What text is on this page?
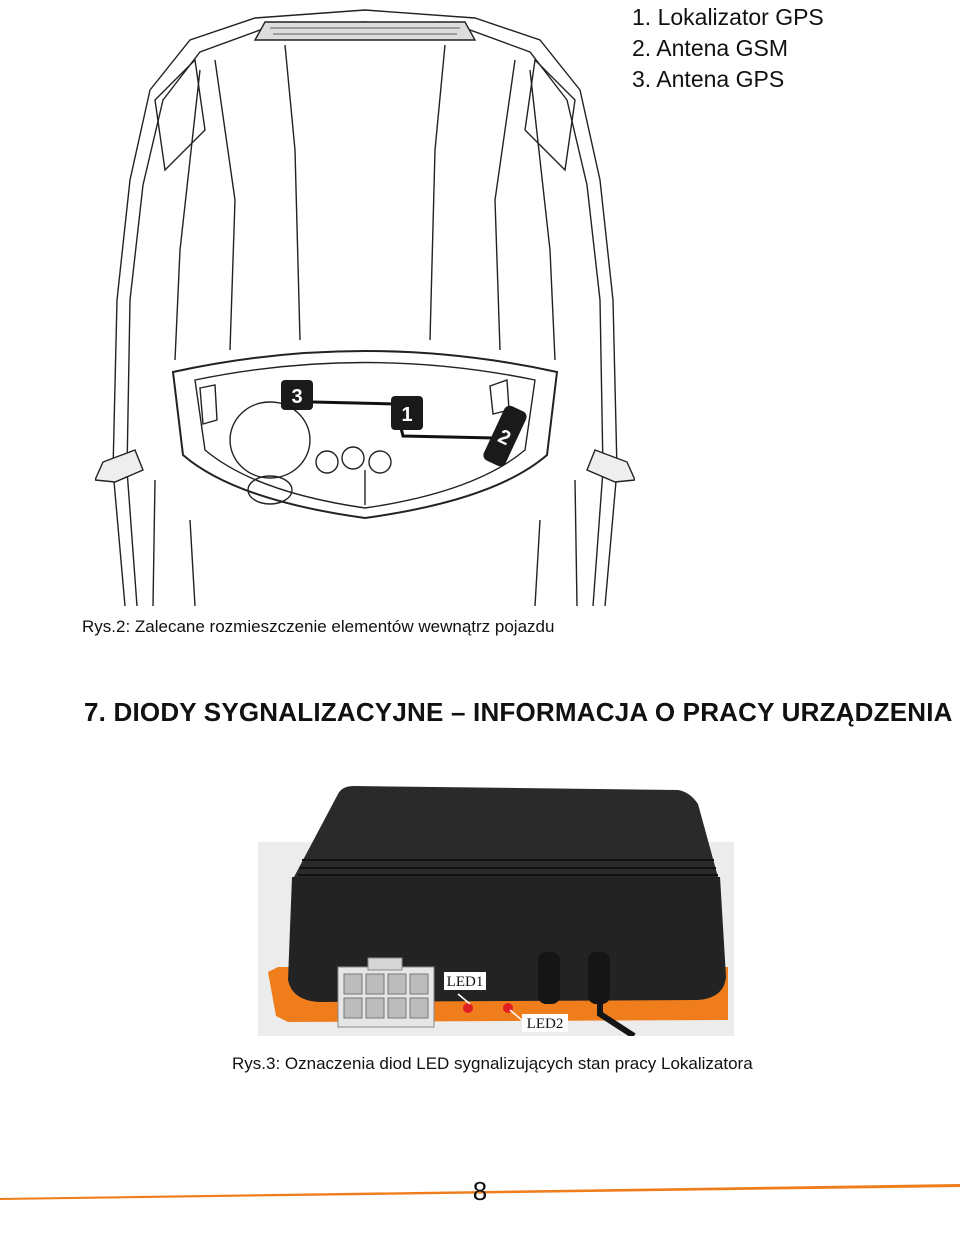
1. Lokalizator GPS
2. Antena GSM
3. Antena GPS
3
1
2
Rys.2: Zalecane rozmieszczenie elementów wewnątrz pojazdu
7. DIODY SYGNALIZACYJNE – INFORMACJA O PRACY URZĄDZENIA
LED1
LED2
Rys.3: Oznaczenia diod LED sygnalizujących stan pracy Lokalizatora
8
